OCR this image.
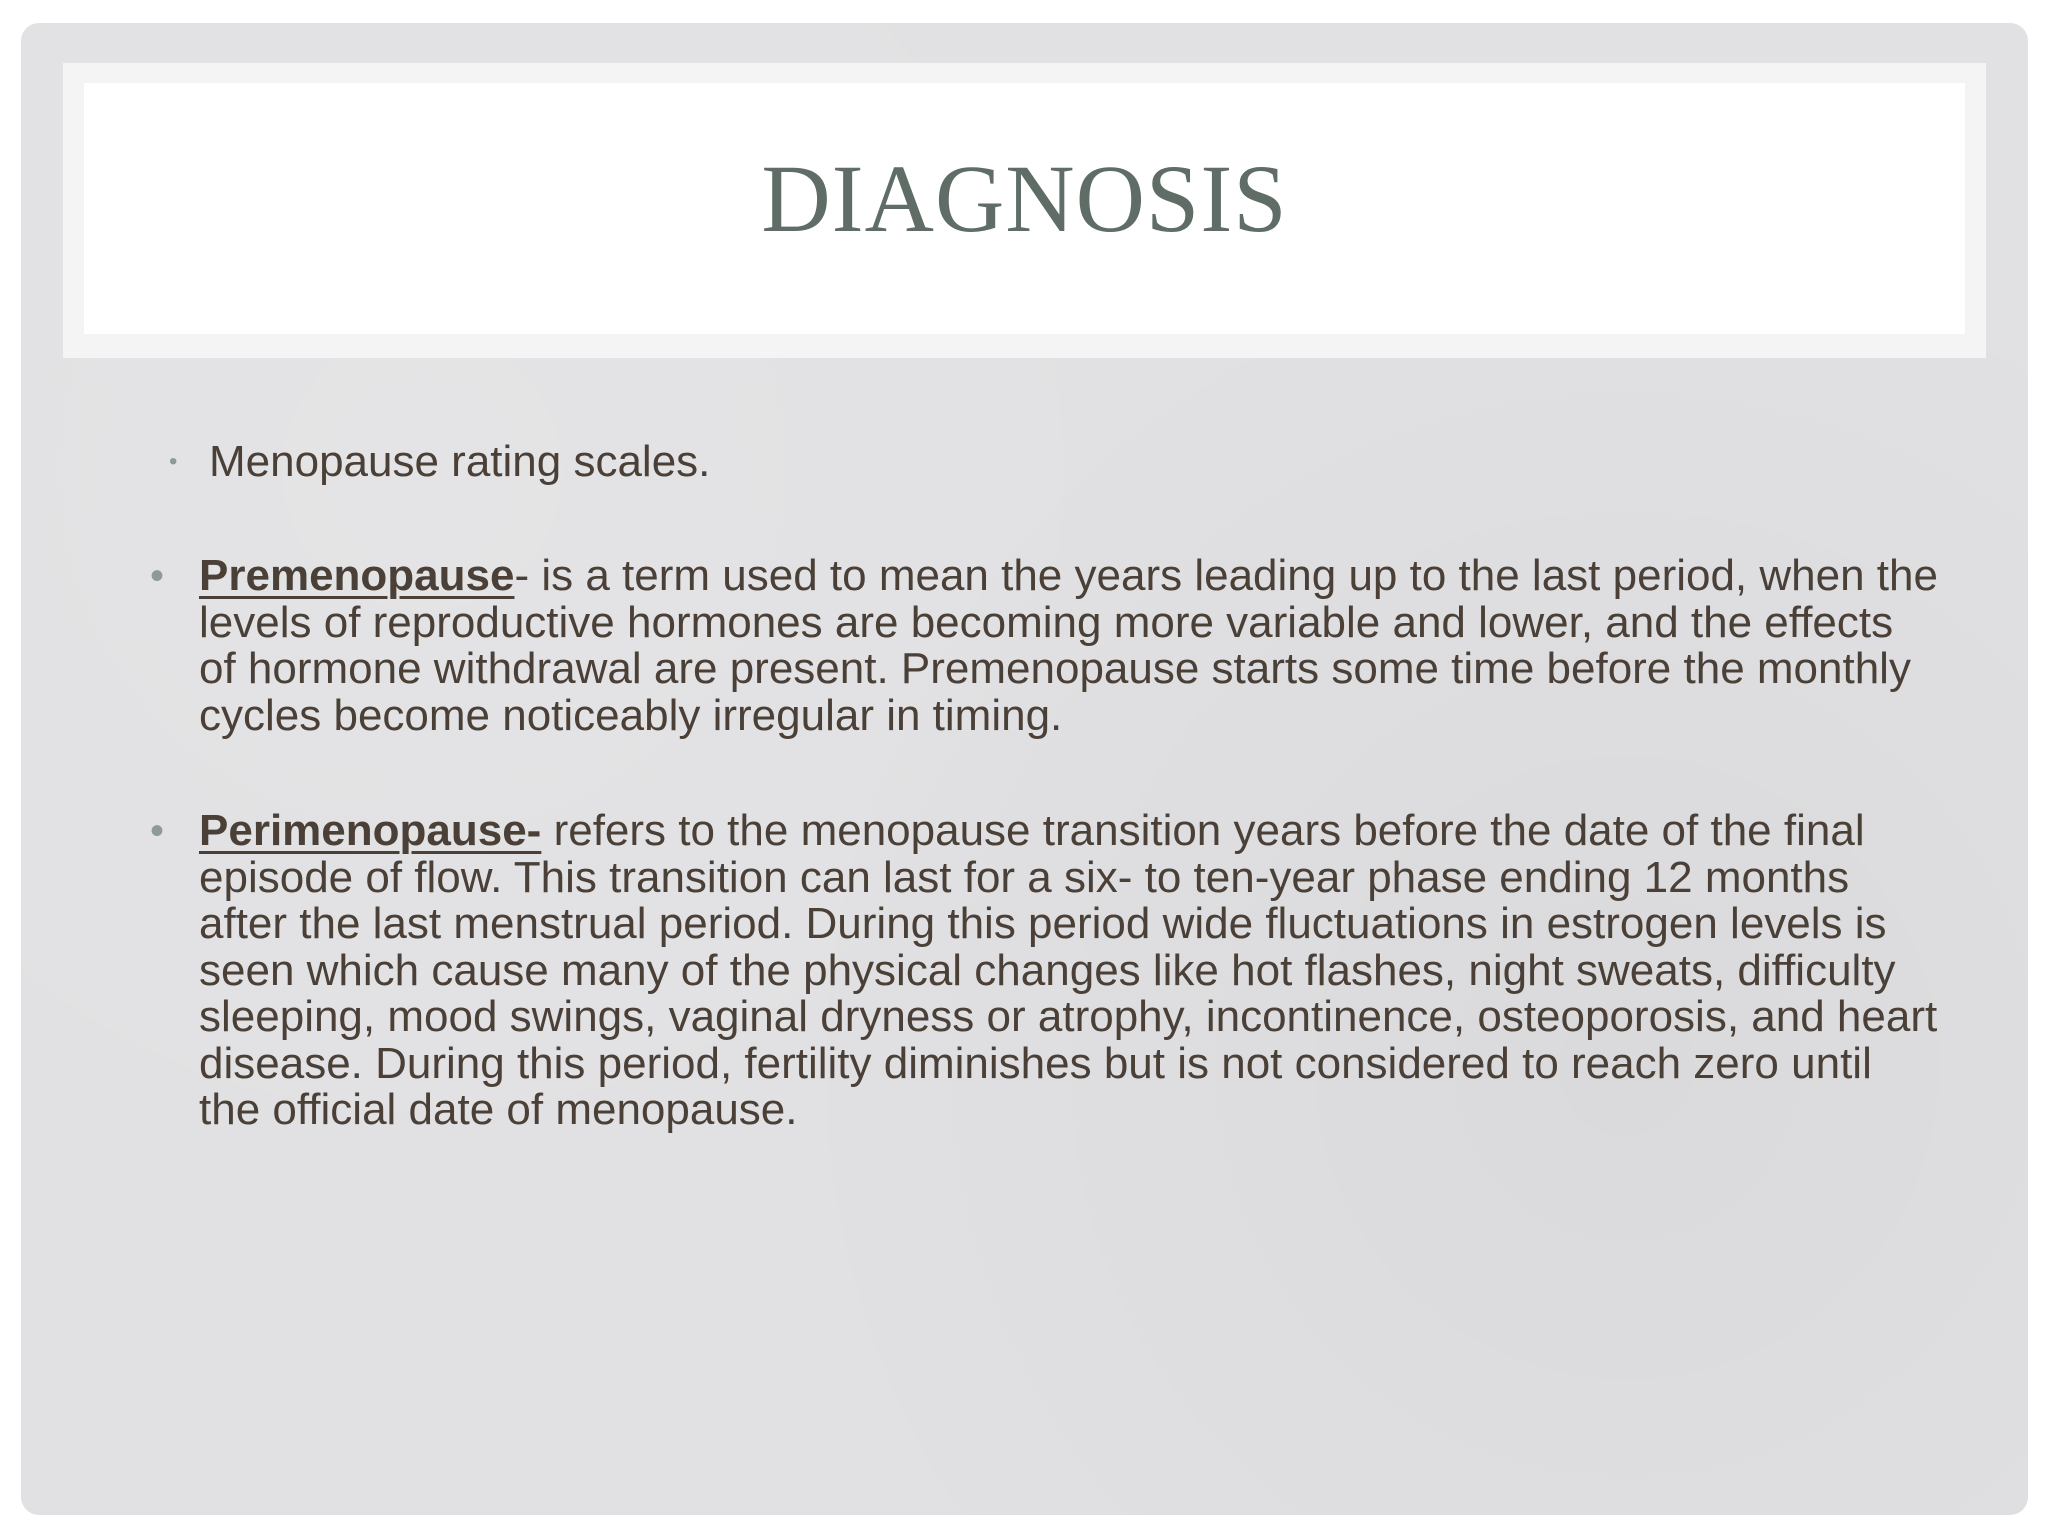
DIAGNOSIS
• Menopause rating scales.
• Premenopause- is a term used to mean the years leading up to the last period, when the levels of reproductive hormones are becoming more variable and lower, and the effects of hormone withdrawal are present. Premenopause starts some time before the monthly cycles become noticeably irregular in timing.
• Perimenopause- refers to the menopause transition years before the date of the final episode of flow. This transition can last for a six- to ten-year phase ending 12 months after the last menstrual period. During this period wide fluctuations in estrogen levels is seen which cause many of the physical changes like hot flashes, night sweats, difficulty sleeping, mood swings, vaginal dryness or atrophy, incontinence, osteoporosis, and heart disease. During this period, fertility diminishes but is not considered to reach zero until the official date of menopause.
